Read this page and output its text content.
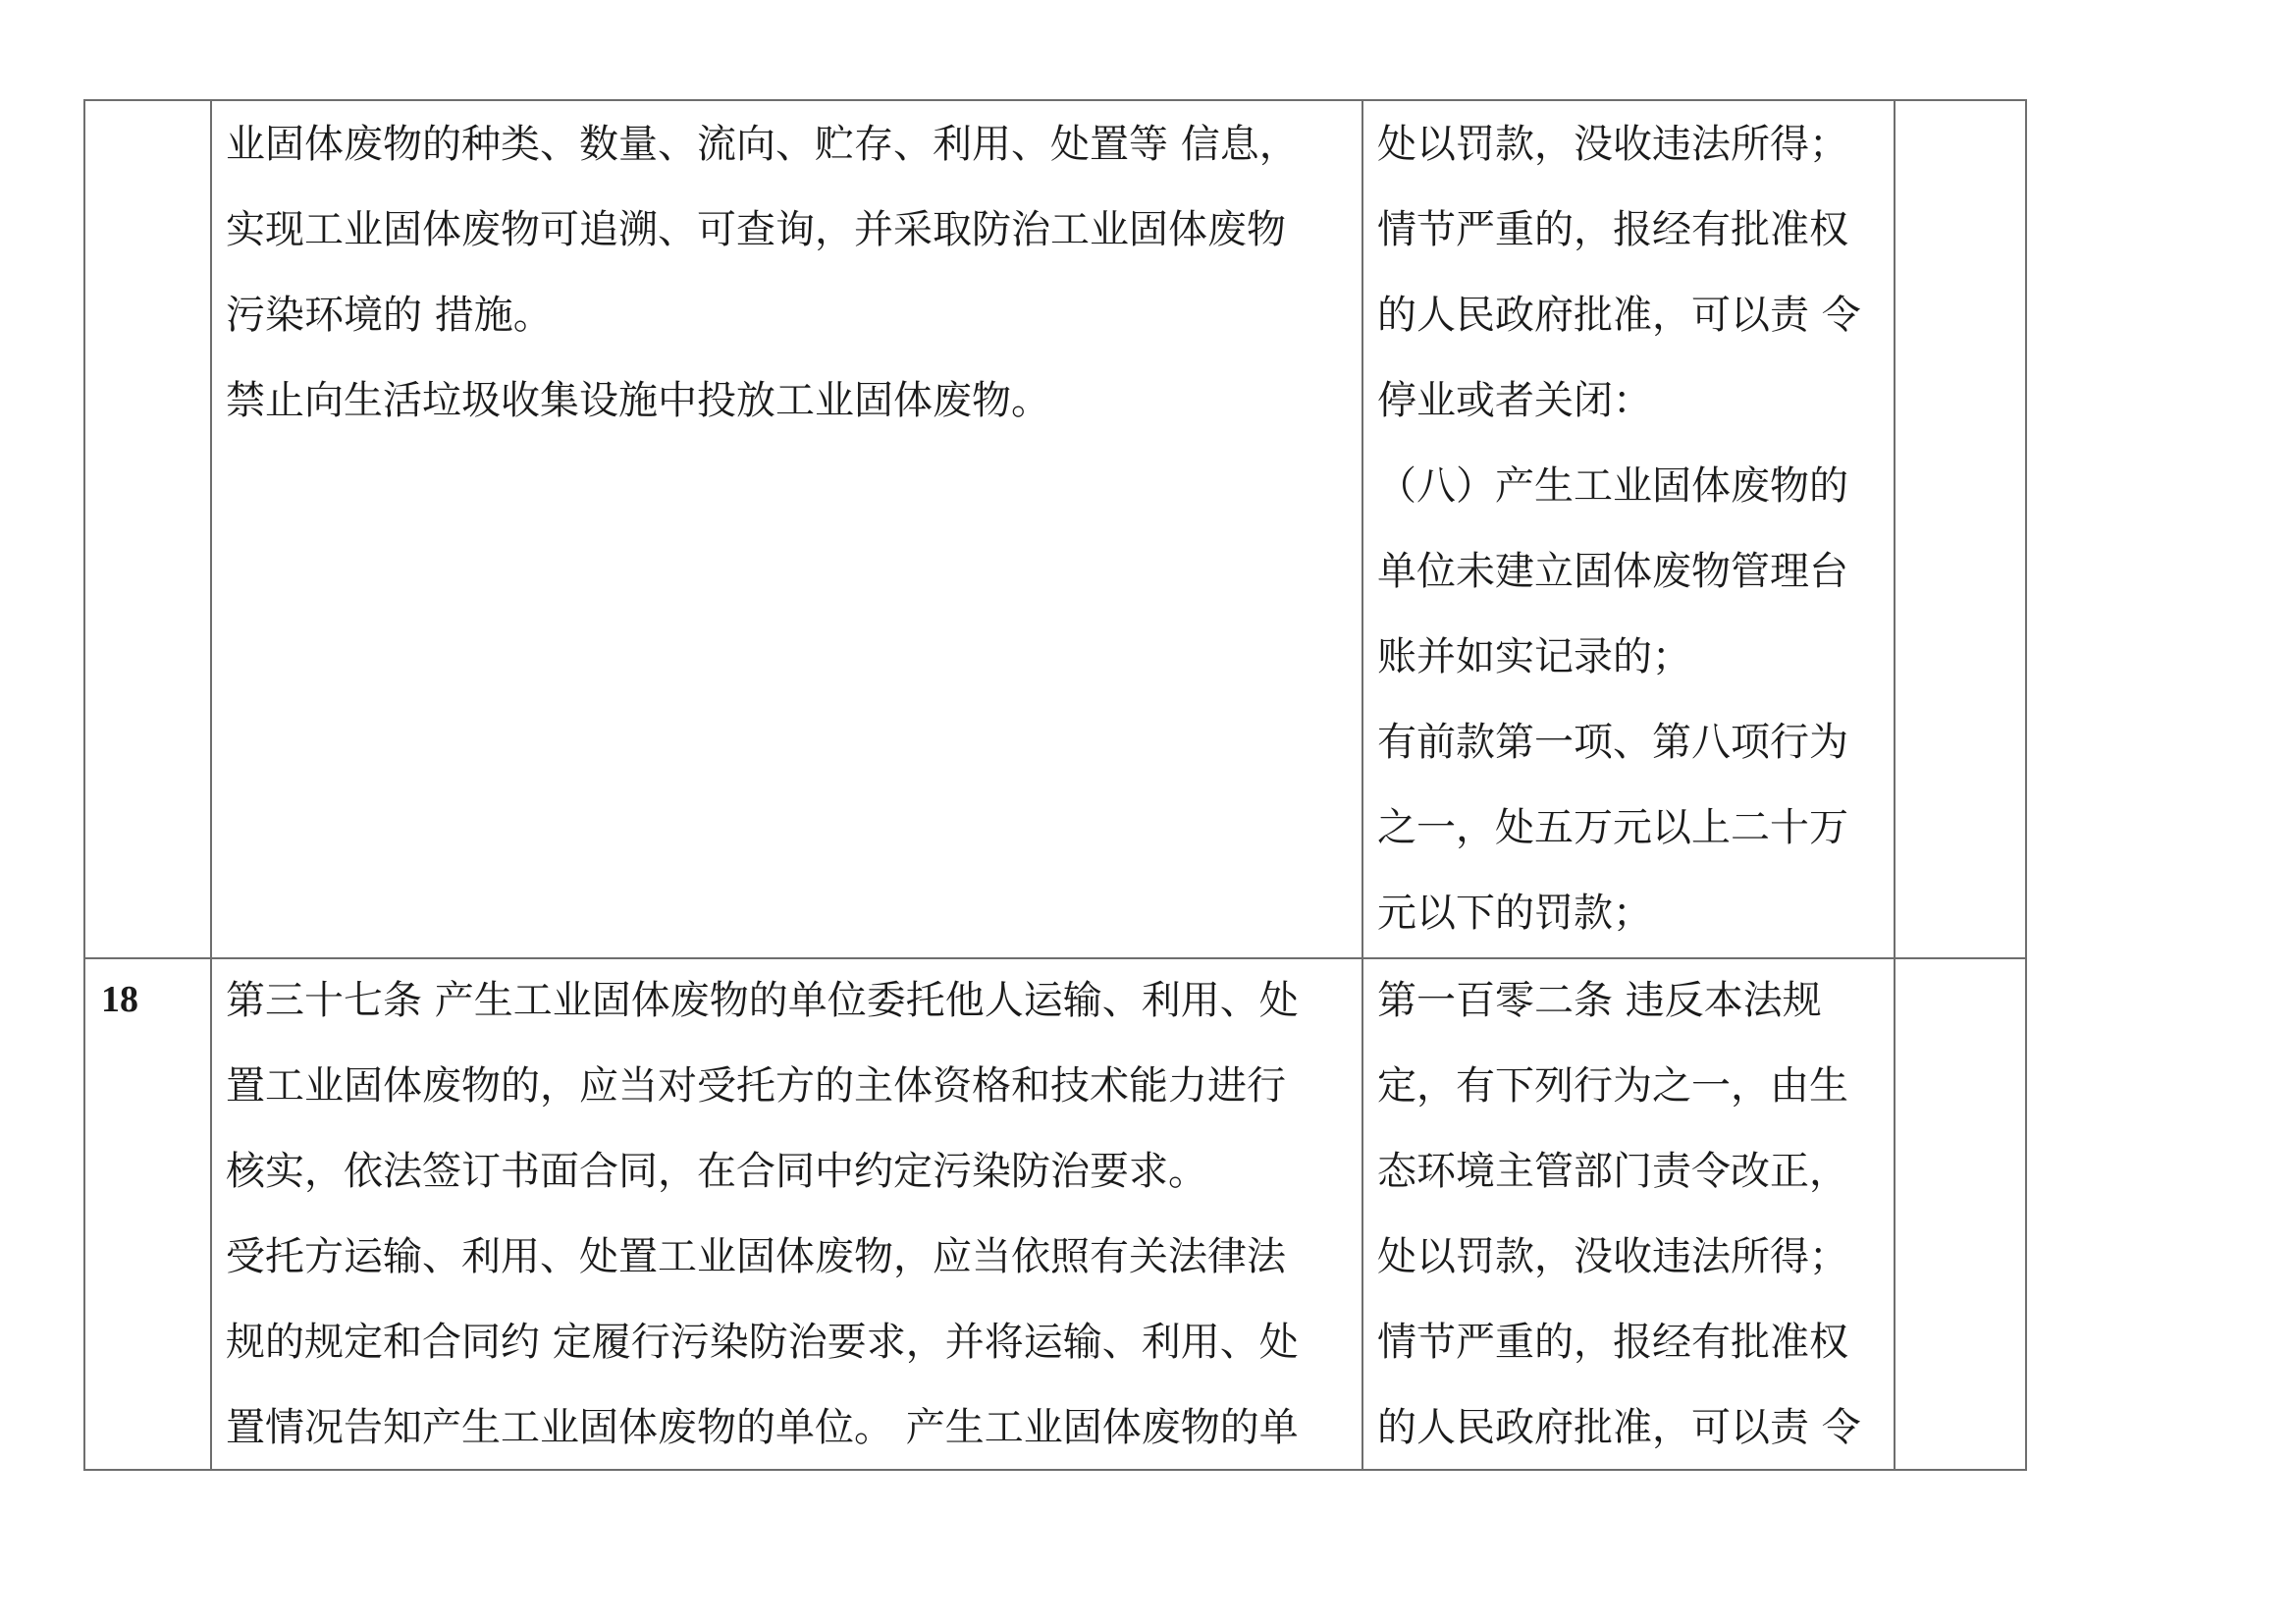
业固体废物的种类、数量、流向、贮存、利用、处置等 信息，

实现工业固体废物可追溯、可查询，并采取防治工业固体废物

污染环境的 措施。

禁止向生活垃圾收集设施中投放工业固体废物。

处以罚款，没收违法所得；

情节严重的，报经有批准权

的人民政府批准，可以责 令

停业或者关闭：

（八）产生工业固体废物的

单位未建立固体废物管理台

账并如实记录的；

有前款第一项、第八项行为

之一，处五万元以上二十万

元以下的罚款；

18 第三十七条 产生工业固体废物的单位委托他人运输、利用、处

置工业固体废物的，应当对受托方的主体资格和技术能力进行

核实，依法签订书面合同，在合同中约定污染防治要求。

受托方运输、利用、处置工业固体废物，应当依照有关法律法

规的规定和合同约 定履行污染防治要求，并将运输、利用、处

置情况告知产生工业固体废物的单位。 产生工业固体废物的单

第一百零二条 违反本法规

定，有下列行为之一，由生

态环境主管部门责令改正，

处以罚款，没收违法所得；

情节严重的，报经有批准权

的人民政府批准，可以责 令
